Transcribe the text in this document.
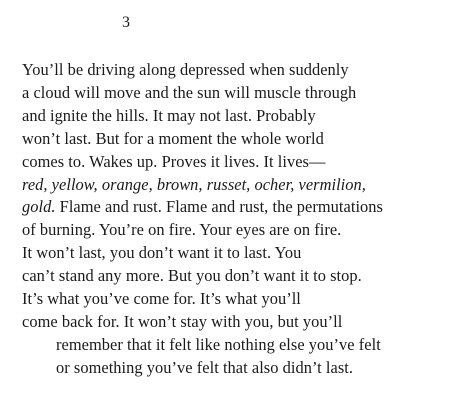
3
You’ll be driving along depressed when suddenly
a cloud will move and the sun will muscle through
and ignite the hills. It may not last. Probably
won’t last. But for a moment the whole world
comes to. Wakes up. Proves it lives. It lives—
red, yellow, orange, brown, russet, ocher, vermilion,
gold. Flame and rust. Flame and rust, the permutations
of burning. You’re on fire. Your eyes are on fire.
It won’t last, you don’t want it to last. You
can’t stand any more. But you don’t want it to stop.
It’s what you’ve come for. It’s what you’ll
come back for. It won’t stay with you, but you’ll
remember that it felt like nothing else you’ve felt
or something you’ve felt that also didn’t last.
